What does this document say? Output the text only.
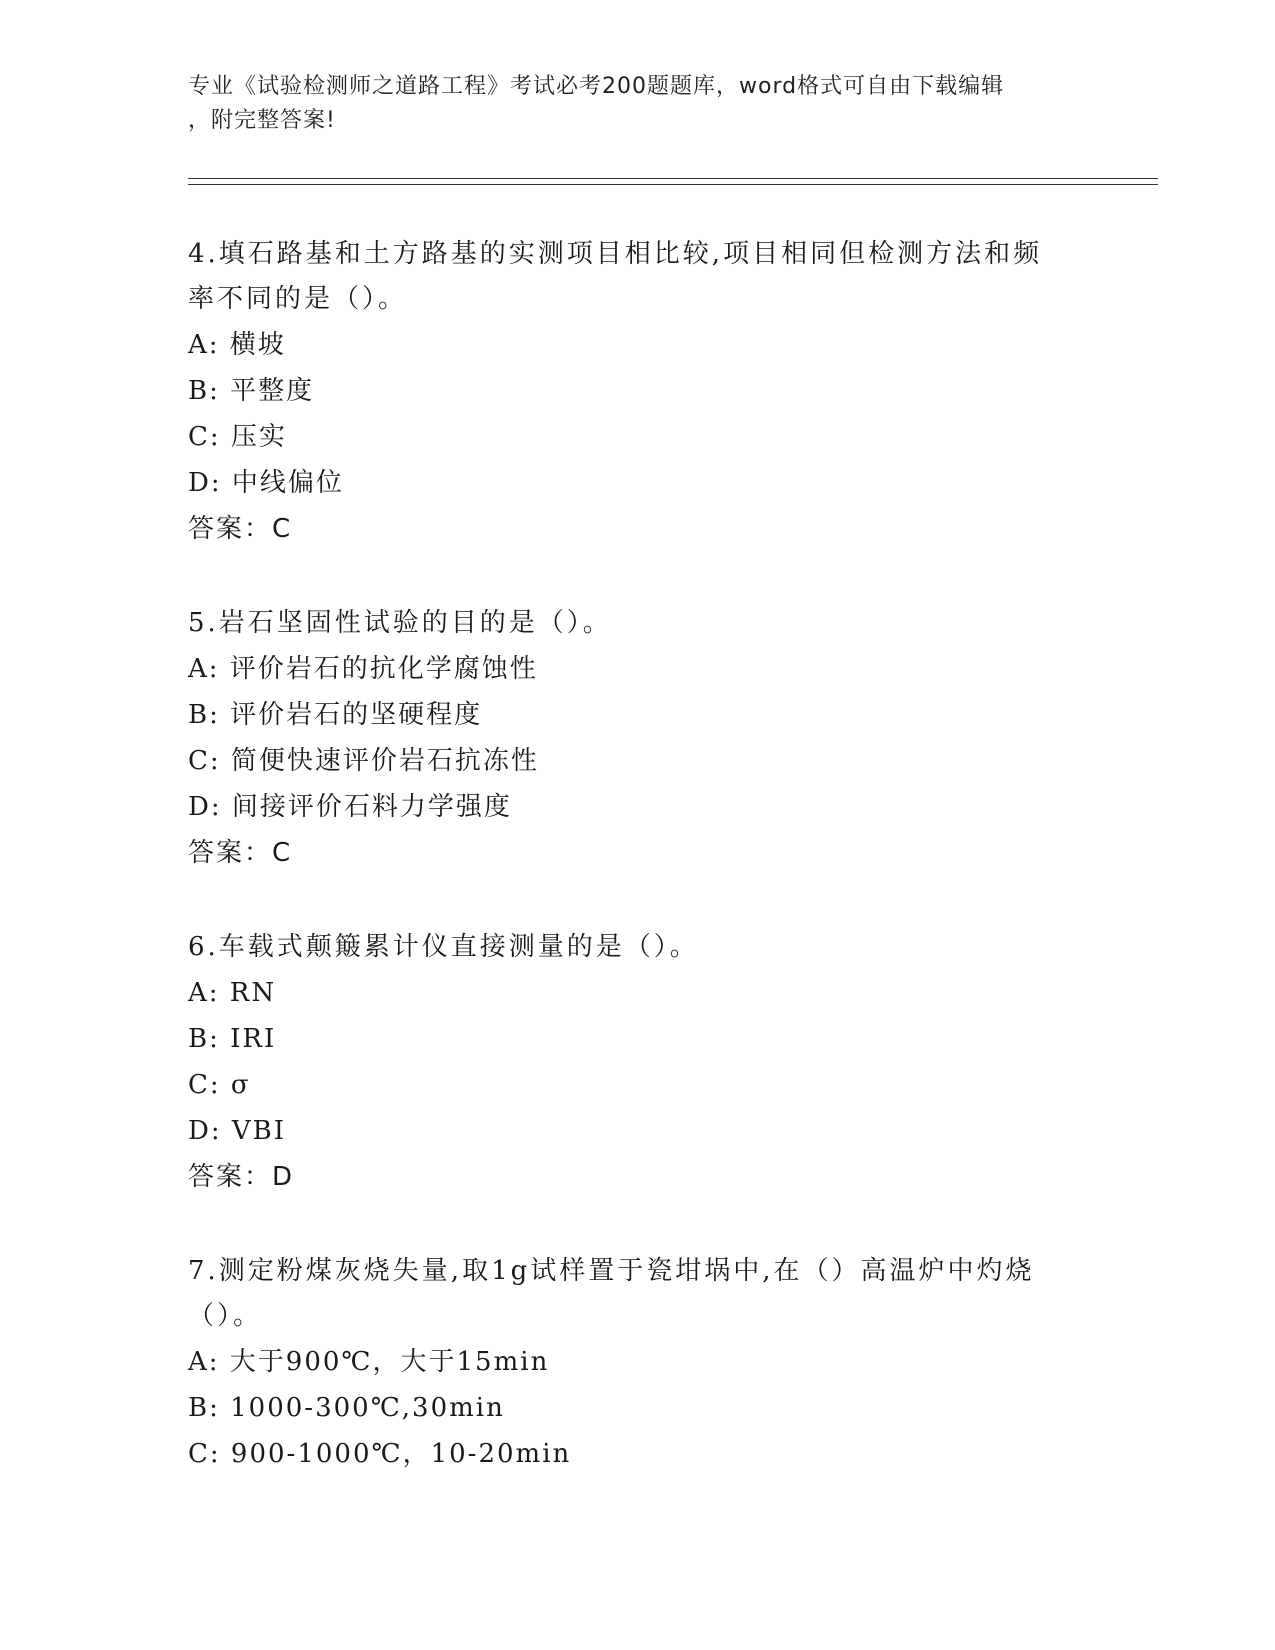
专业《试验检测师之道路工程》考试必考200题题库，word格式可自由下载编辑

，附完整答案!

4.填石路基和土方路基的实测项目相比较,项目相同但检测方法和频率不同的是（）。

A: 横坡

B: 平整度

C: 压实

D: 中线偏位

答案：C

5.岩石坚固性试验的目的是（）。

A: 评价岩石的抗化学腐蚀性

B: 评价岩石的坚硬程度

C: 简便快速评价岩石抗冻性

D: 间接评价石料力学强度

答案：C

6.车载式颠簸累计仪直接测量的是（）。

A: RN

B: IRI

C: σ

D: VBI

答案：D

7.测定粉煤灰烧失量,取1g试样置于瓷坩埚中,在（）高温炉中灼烧（）。

A: 大于900℃，大于15min

B: 1000-300℃,30min

C: 900-1000℃，10-20min
